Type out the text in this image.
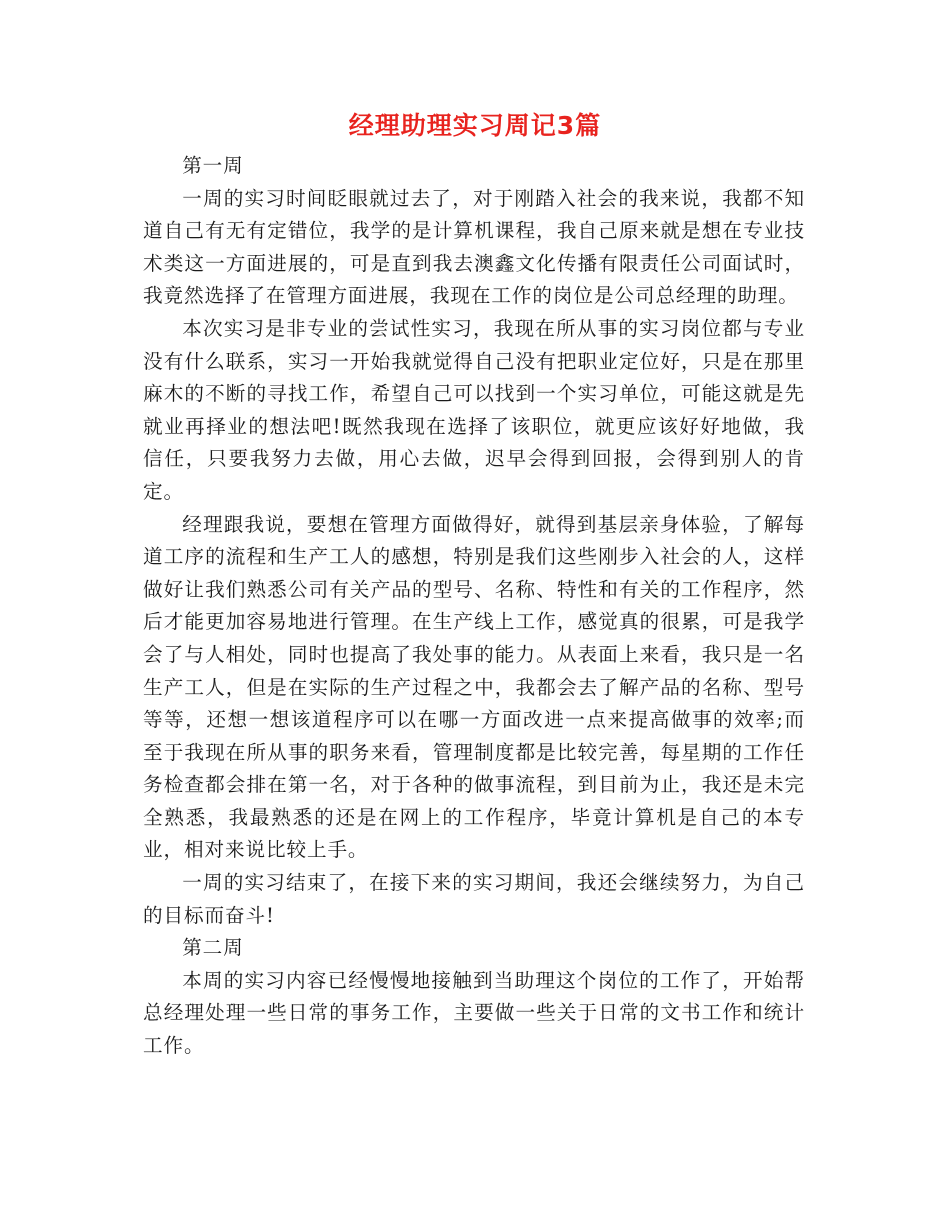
经理助理实习周记3篇

第一周

一周的实习时间眨眼就过去了，对于刚踏入社会的我来说，我都不知道自己有无有定错位，我学的是计算机课程，我自己原来就是想在专业技术类这一方面进展的，可是直到我去澳鑫文化传播有限责任公司面试时，我竟然选择了在管理方面进展，我现在工作的岗位是公司总经理的助理。

本次实习是非专业的尝试性实习，我现在所从事的实习岗位都与专业没有什么联系，实习一开始我就觉得自己没有把职业定位好，只是在那里麻木的不断的寻找工作，希望自己可以找到一个实习单位，可能这就是先就业再择业的想法吧!既然我现在选择了该职位，就更应该好好地做，我信任，只要我努力去做，用心去做，迟早会得到回报，会得到别人的肯定。

经理跟我说，要想在管理方面做得好，就得到基层亲身体验，了解每道工序的流程和生产工人的感想，特别是我们这些刚步入社会的人，这样做好让我们熟悉公司有关产品的型号、名称、特性和有关的工作程序，然后才能更加容易地进行管理。在生产线上工作，感觉真的很累，可是我学会了与人相处，同时也提高了我处事的能力。从表面上来看，我只是一名生产工人，但是在实际的生产过程之中，我都会去了解产品的名称、型号等等，还想一想该道程序可以在哪一方面改进一点来提高做事的效率;而至于我现在所从事的职务来看，管理制度都是比较完善，每星期的工作任务检查都会排在第一名，对于各种的做事流程，到目前为止，我还是未完全熟悉，我最熟悉的还是在网上的工作程序，毕竟计算机是自己的本专业，相对来说比较上手。

一周的实习结束了，在接下来的实习期间，我还会继续努力，为自己的目标而奋斗!

第二周

本周的实习内容已经慢慢地接触到当助理这个岗位的工作了，开始帮总经理处理一些日常的事务工作，主要做一些关于日常的文书工作和统计工作。
